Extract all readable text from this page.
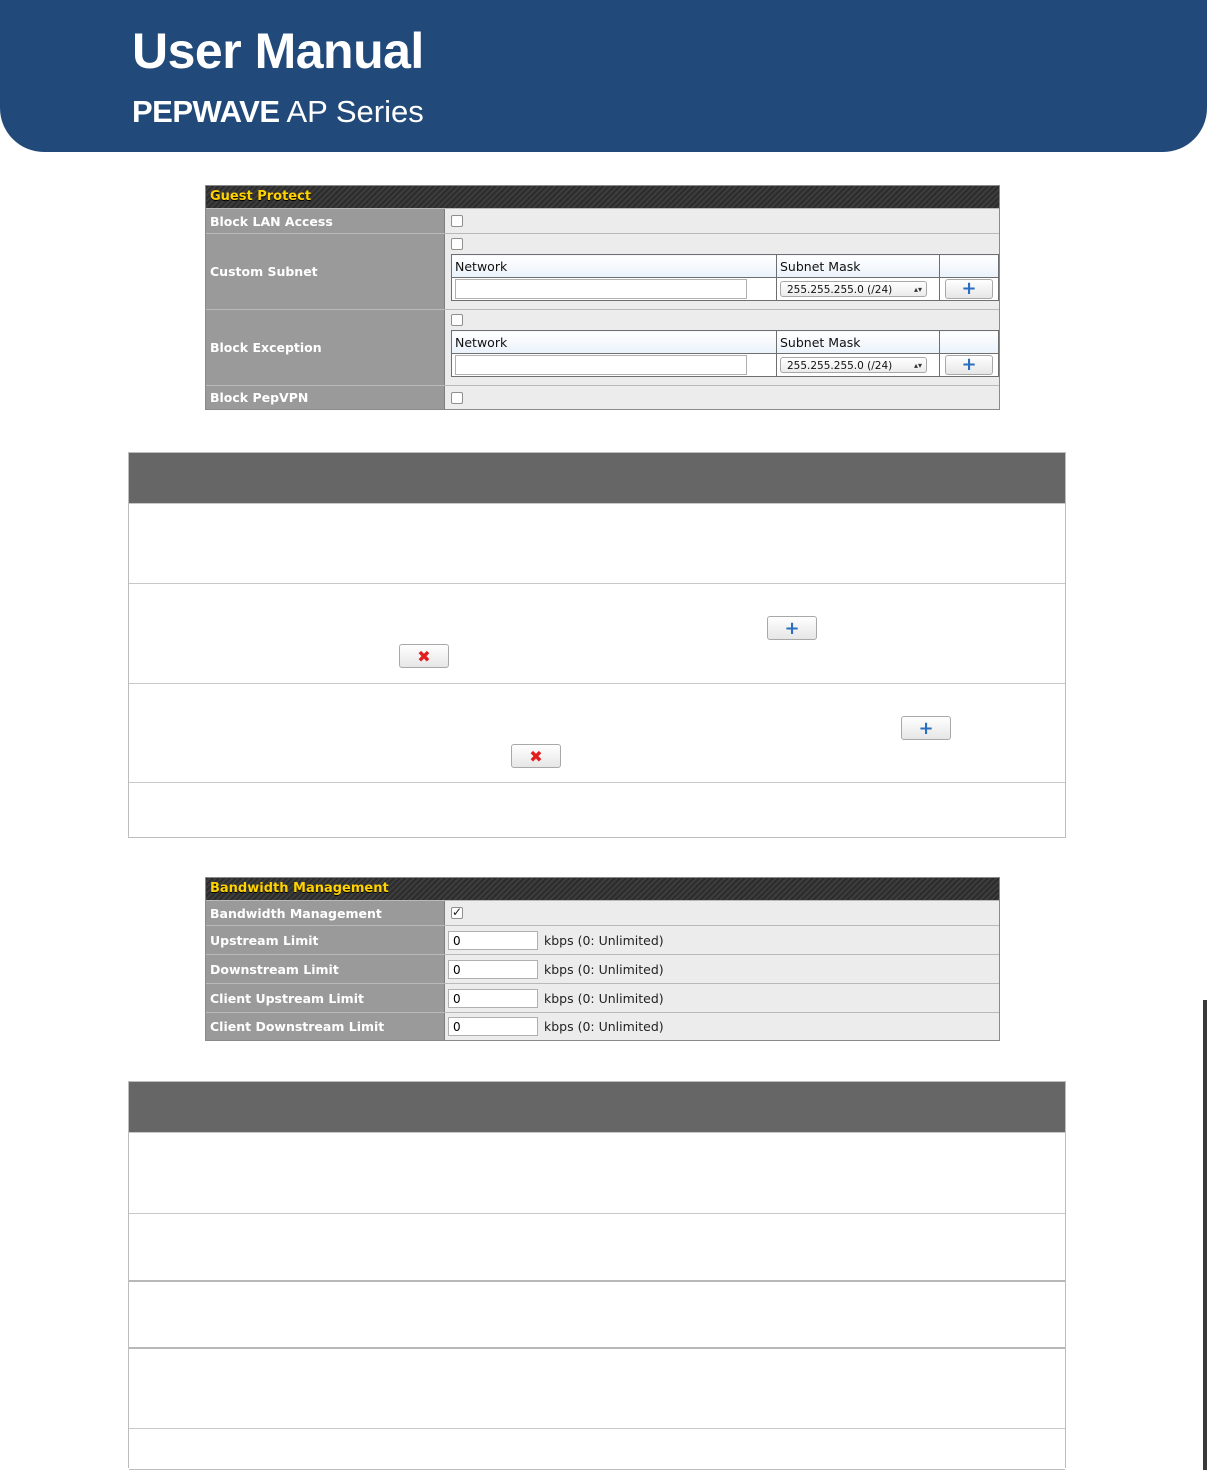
User Manual
PEPWAVE AP Series
Guest Protect
Block LAN Access
Custom Subnet	Network	Subnet Mask	

	255.255.255.0 (/24) ▴▾	+
Block Exception	Network	Subnet Mask	

	255.255.255.0 (/24) ▴▾	+
Block PepVPN
+
✖
+
✖
Bandwidth Management
Bandwidth Management
✓
Upstream Limit	0	kbps (0: Unlimited)
Downstream Limit	0	kbps (0: Unlimited)
Client Upstream Limit	0	kbps (0: Unlimited)
Client Downstream Limit	0	kbps (0: Unlimited)
